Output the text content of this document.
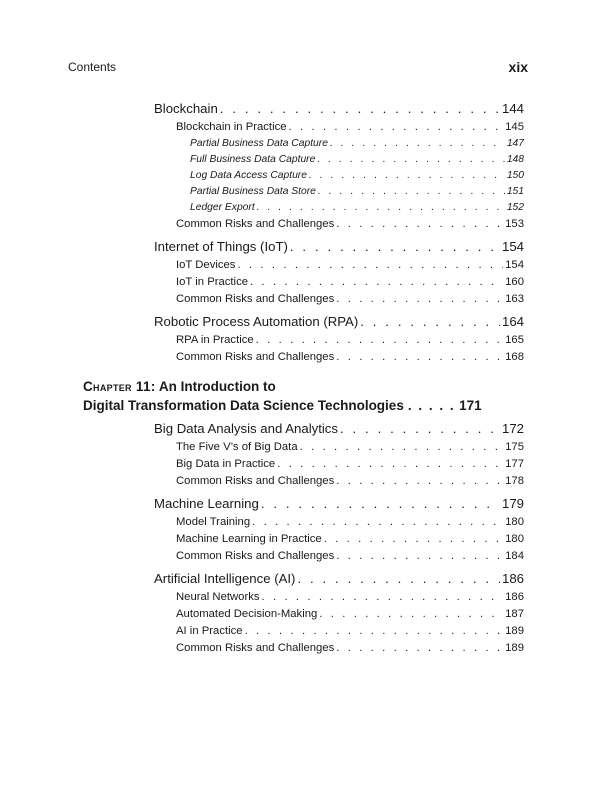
Contents	xix
Blockchain . . .	144
Blockchain in Practice . . .	145
Partial Business Data Capture . . .	147
Full Business Data Capture . . .	148
Log Data Access Capture . . .	150
Partial Business Data Store . . .	151
Ledger Export . . .	152
Common Risks and Challenges . . .	153
Internet of Things (IoT) . . .	154
IoT Devices . . .	154
IoT in Practice . . .	160
Common Risks and Challenges . . .	163
Robotic Process Automation (RPA) . . .	164
RPA in Practice . . .	165
Common Risks and Challenges . . .	168
Chapter 11: An Introduction to
Digital Transformation Data Science Technologies . . .	171
Big Data Analysis and Analytics . . .	172
The Five V’s of Big Data . . .	175
Big Data in Practice . . .	177
Common Risks and Challenges . . .	178
Machine Learning . . .	179
Model Training . . .	180
Machine Learning in Practice . . .	180
Common Risks and Challenges . . .	184
Artificial Intelligence (AI) . . .	186
Neural Networks . . .	186
Automated Decision-Making . . .	187
AI in Practice . . .	189
Common Risks and Challenges . . .	189
